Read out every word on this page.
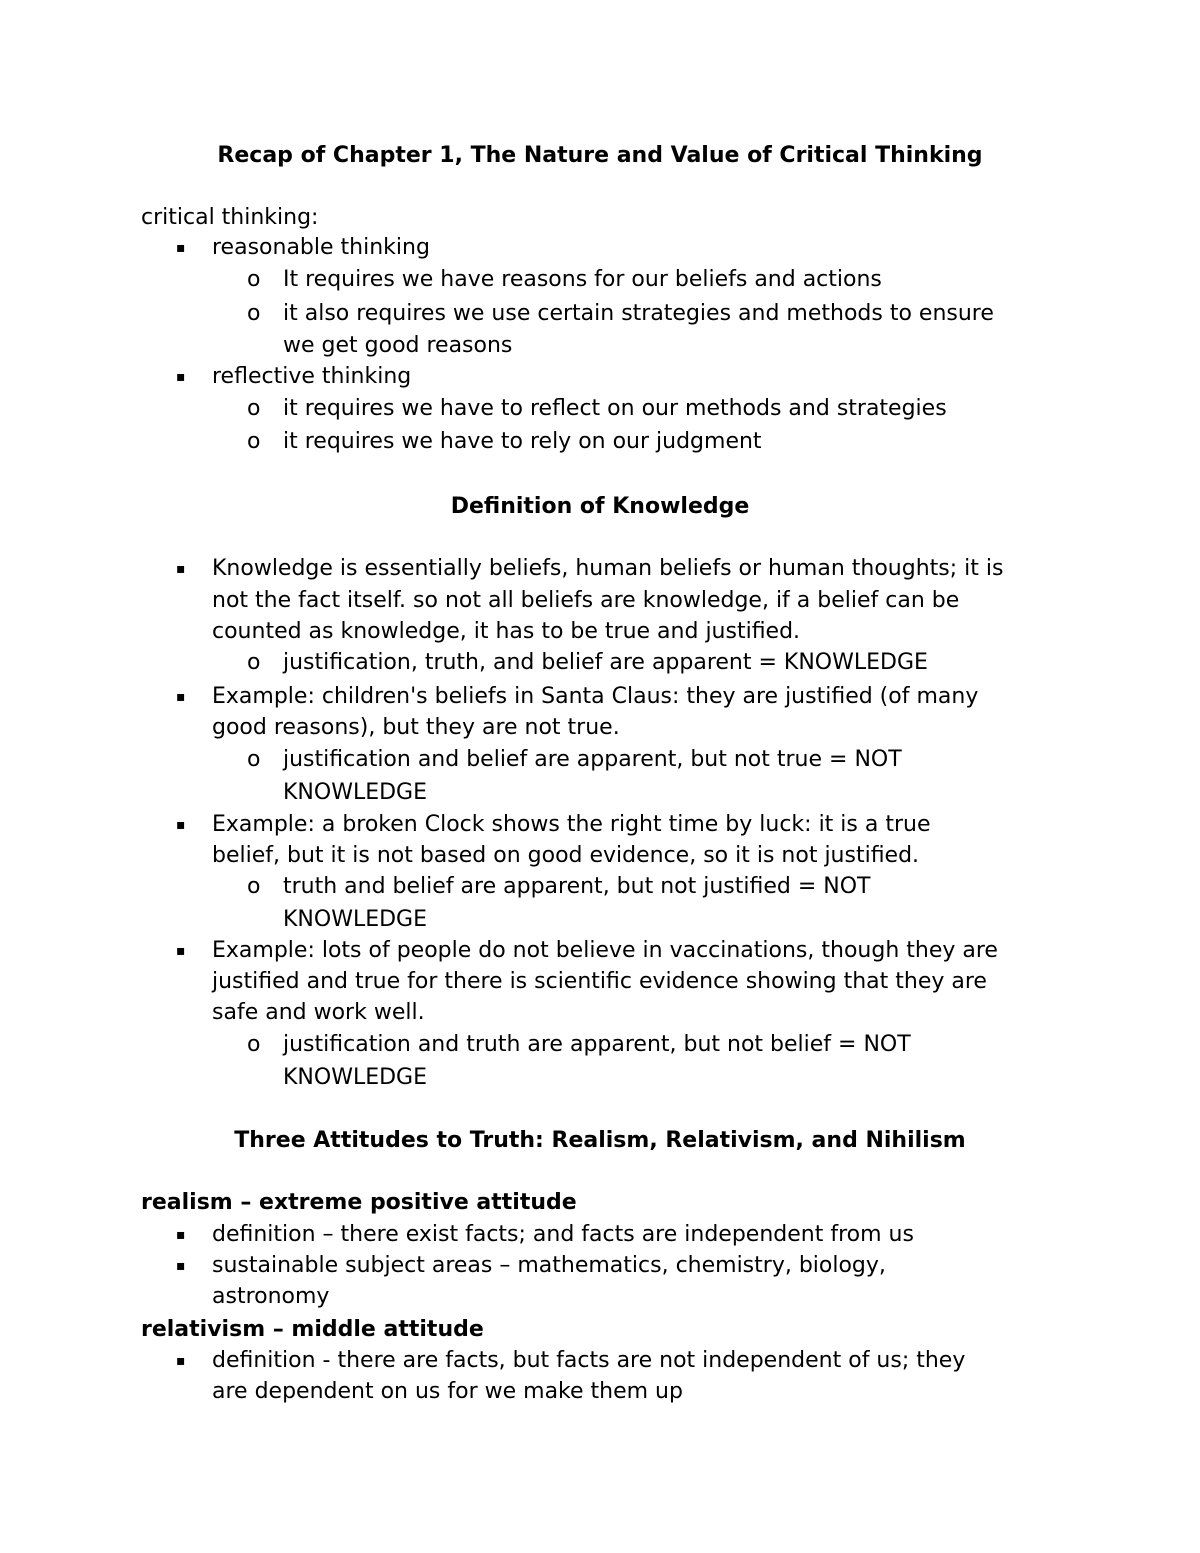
Recap of Chapter 1, The Nature and Value of Critical Thinking
critical thinking:
▪ reasonable thinking
o It requires we have reasons for our beliefs and actions
o it also requires we use certain strategies and methods to ensure
we get good reasons
▪ reflective thinking
o it requires we have to reflect on our methods and strategies
o it requires we have to rely on our judgment
Definition of Knowledge
▪ Knowledge is essentially beliefs, human beliefs or human thoughts; it is
not the fact itself. so not all beliefs are knowledge, if a belief can be
counted as knowledge, it has to be true and justified.
o justification, truth, and belief are apparent = KNOWLEDGE
▪ Example: children's beliefs in Santa Claus: they are justified (of many
good reasons), but they are not true.
o justification and belief are apparent, but not true = NOT
KNOWLEDGE
▪ Example: a broken Clock shows the right time by luck: it is a true
belief, but it is not based on good evidence, so it is not justified.
o truth and belief are apparent, but not justified = NOT
KNOWLEDGE
▪ Example: lots of people do not believe in vaccinations, though they are
justified and true for there is scientific evidence showing that they are
safe and work well.
o justification and truth are apparent, but not belief = NOT
KNOWLEDGE
Three Attitudes to Truth: Realism, Relativism, and Nihilism
realism – extreme positive attitude
▪ definition – there exist facts; and facts are independent from us
▪ sustainable subject areas – mathematics, chemistry, biology,
astronomy
relativism – middle attitude
▪ definition - there are facts, but facts are not independent of us; they
are dependent on us for we make them up
